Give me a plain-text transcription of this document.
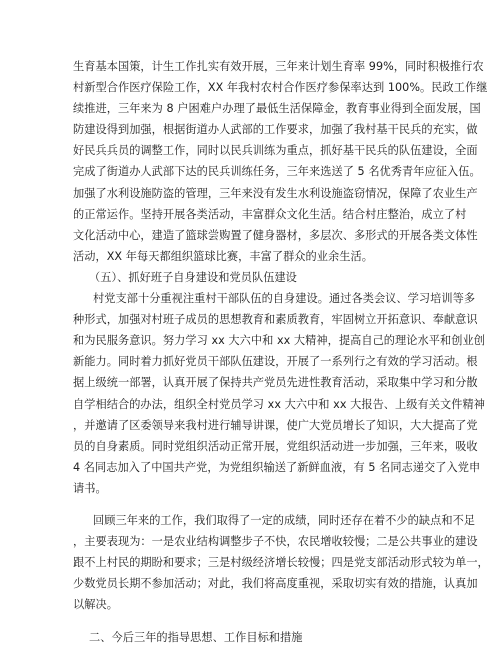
生育基本国策，计生工作扎实有效开展，三年来计划生育率 99%，同时积极推行农
村新型合作医疗保险工作，XX 年我村农村合作医疗参保率达到 100%。民政工作继
续推进，三年来为 8 户困难户办理了最低生活保障金，教育事业得到全面发展，国
防建设得到加强，根据街道办人武部的工作要求，加强了我村基干民兵的充实，做
好民兵兵员的调整工作，同时以民兵训练为重点，抓好基干民兵的队伍建设，全面
完成了街道办人武部下达的民兵训练任务，三年来选送了 5 名优秀青年应征入伍。
加强了水利设施防盗的管理，三年来没有发生水利设施盗窃情况，保障了农业生产
的正常运作。坚持开展各类活动，丰富群众文化生活。结合村庄整治，成立了村
文化活动中心，建造了篮球尝购置了健身器材，多层次、多形式的开展各类文体性
活动，XX 年每天都组织篮球比赛，丰富了群众的业余生活。
（五）、抓好班子自身建设和党员队伍建设
村党支部十分重视注重村干部队伍的自身建设。通过各类会议、学习培训等多
种形式，加强对村班子成员的思想教育和素质教育，牢固树立开拓意识、奉献意识
和为民服务意识。努力学习 xx 大六中和 xx 大精神，提高自己的理论水平和创业创
新能力。同时着力抓好党员干部队伍建设，开展了一系列行之有效的学习活动。根
据上级统一部署，认真开展了保持共产党员先进性教育活动，采取集中学习和分散
自学相结合的办法，组织全村党员学习 xx 大六中和 xx 大报告、上级有关文件精神
，并邀请了区委领导来我村进行辅导讲课，使广大党员增长了知识，大大提高了党
员的自身素质。同时党组织活动正常开展，党组织活动进一步加强，三年来，吸收
4 名同志加入了中国共产党，为党组织输送了新鲜血液，有 5 名同志递交了入党申
请书。
回顾三年来的工作，我们取得了一定的成绩，同时还存在着不少的缺点和不足
，主要表现为：一是农业结构调整步子不快，农民增收较慢；二是公共事业的建设
跟不上村民的期盼和要求；三是村级经济增长较慢；四是党支部活动形式较为单一，
少数党员长期不参加活动；对此，我们将高度重视，采取切实有效的措施，认真加
以解决。
二、今后三年的指导思想、工作目标和措施
